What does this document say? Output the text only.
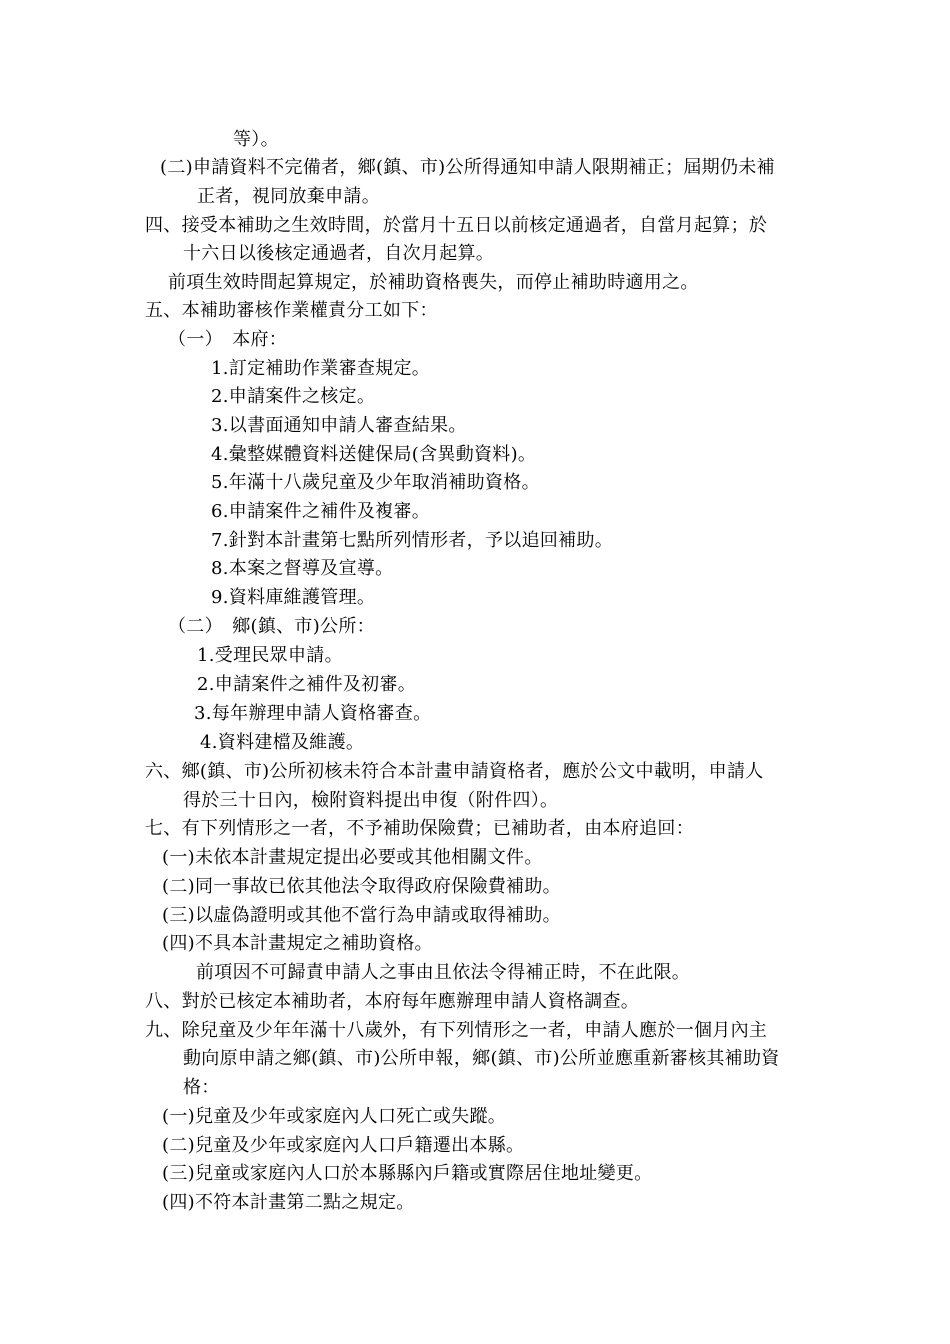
等）。
(二)申請資料不完備者，鄉(鎮、市)公所得通知申請人限期補正；屆期仍未補
正者，視同放棄申請。
四、接受本補助之生效時間，於當月十五日以前核定通過者，自當月起算；於
十六日以後核定通過者，自次月起算。
前項生效時間起算規定，於補助資格喪失，而停止補助時適用之。
五、本補助審核作業權責分工如下：
（一）　本府：
1.訂定補助作業審查規定。
2.申請案件之核定。
3.以書面通知申請人審查結果。
4.彙整媒體資料送健保局(含異動資料)。
5.年滿十八歲兒童及少年取消補助資格。
6.申請案件之補件及複審。
7.針對本計畫第七點所列情形者，予以追回補助。
8.本案之督導及宣導。
9.資料庫維護管理。
（二）　鄉(鎮、市)公所：
1.受理民眾申請。
2.申請案件之補件及初審。
3.每年辦理申請人資格審查。
4.資料建檔及維護。
六、鄉(鎮、市)公所初核未符合本計畫申請資格者，應於公文中載明，申請人
得於三十日內，檢附資料提出申復（附件四）。
七、有下列情形之一者，不予補助保險費；已補助者，由本府追回：
(一)未依本計畫規定提出必要或其他相關文件。
(二)同一事故已依其他法令取得政府保險費補助。
(三)以虛偽證明或其他不當行為申請或取得補助。
(四)不具本計畫規定之補助資格。
前項因不可歸責申請人之事由且依法令得補正時，不在此限。
八、對於已核定本補助者，本府每年應辦理申請人資格調查。
九、除兒童及少年年滿十八歲外，有下列情形之一者，申請人應於一個月內主
動向原申請之鄉(鎮、市)公所申報，鄉(鎮、市)公所並應重新審核其補助資
格：
(一)兒童及少年或家庭內人口死亡或失蹤。
(二)兒童及少年或家庭內人口戶籍遷出本縣。
(三)兒童或家庭內人口於本縣縣內戶籍或實際居住地址變更。
(四)不符本計畫第二點之規定。
